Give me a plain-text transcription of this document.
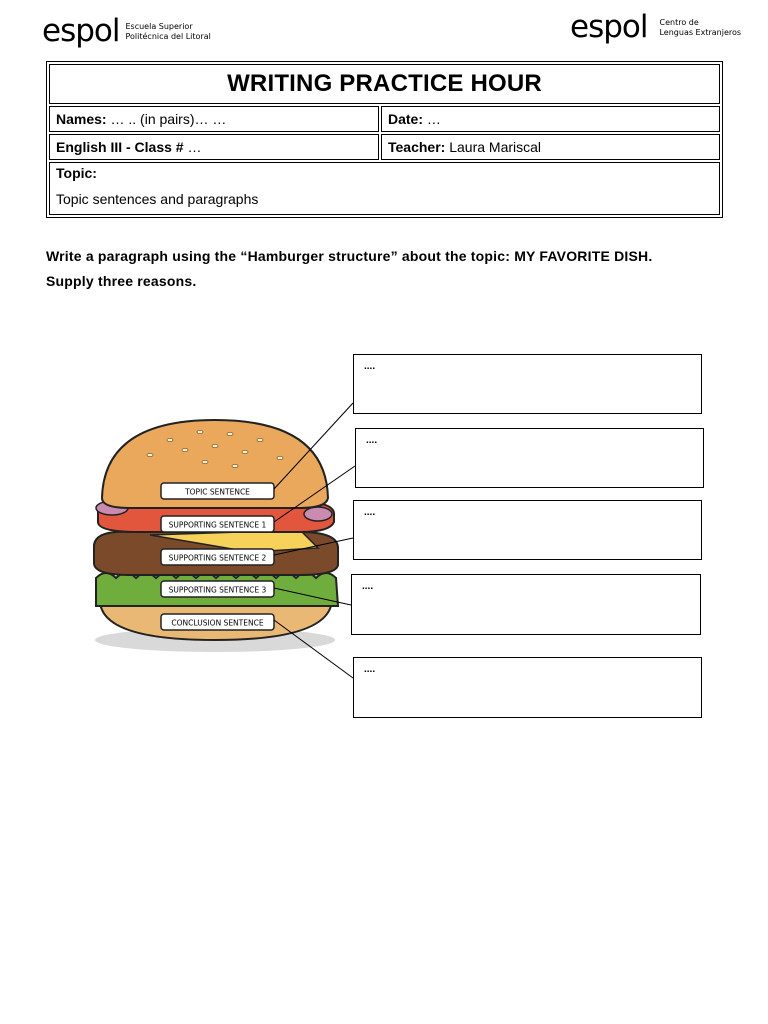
espol Escuela Superior
Politécnica del Litoral	espol Centro de
Lenguas Extranjeros
WRITING PRACTICE HOUR	
Names: … .. (in pairs)… …	Date: …
English III - Class # …	Teacher: Laura Mariscal

Topic:
Topic sentences and paragraphs	
Write a paragraph using the “Hamburger structure” about the topic: MY FAVORITE DISH.
Supply three reasons.
TOPIC SENTENCE
SUPPORTING SENTENCE 1
SUPPORTING SENTENCE 2
SUPPORTING SENTENCE 3
CONCLUSION SENTENCE
....
....
....
....
....
